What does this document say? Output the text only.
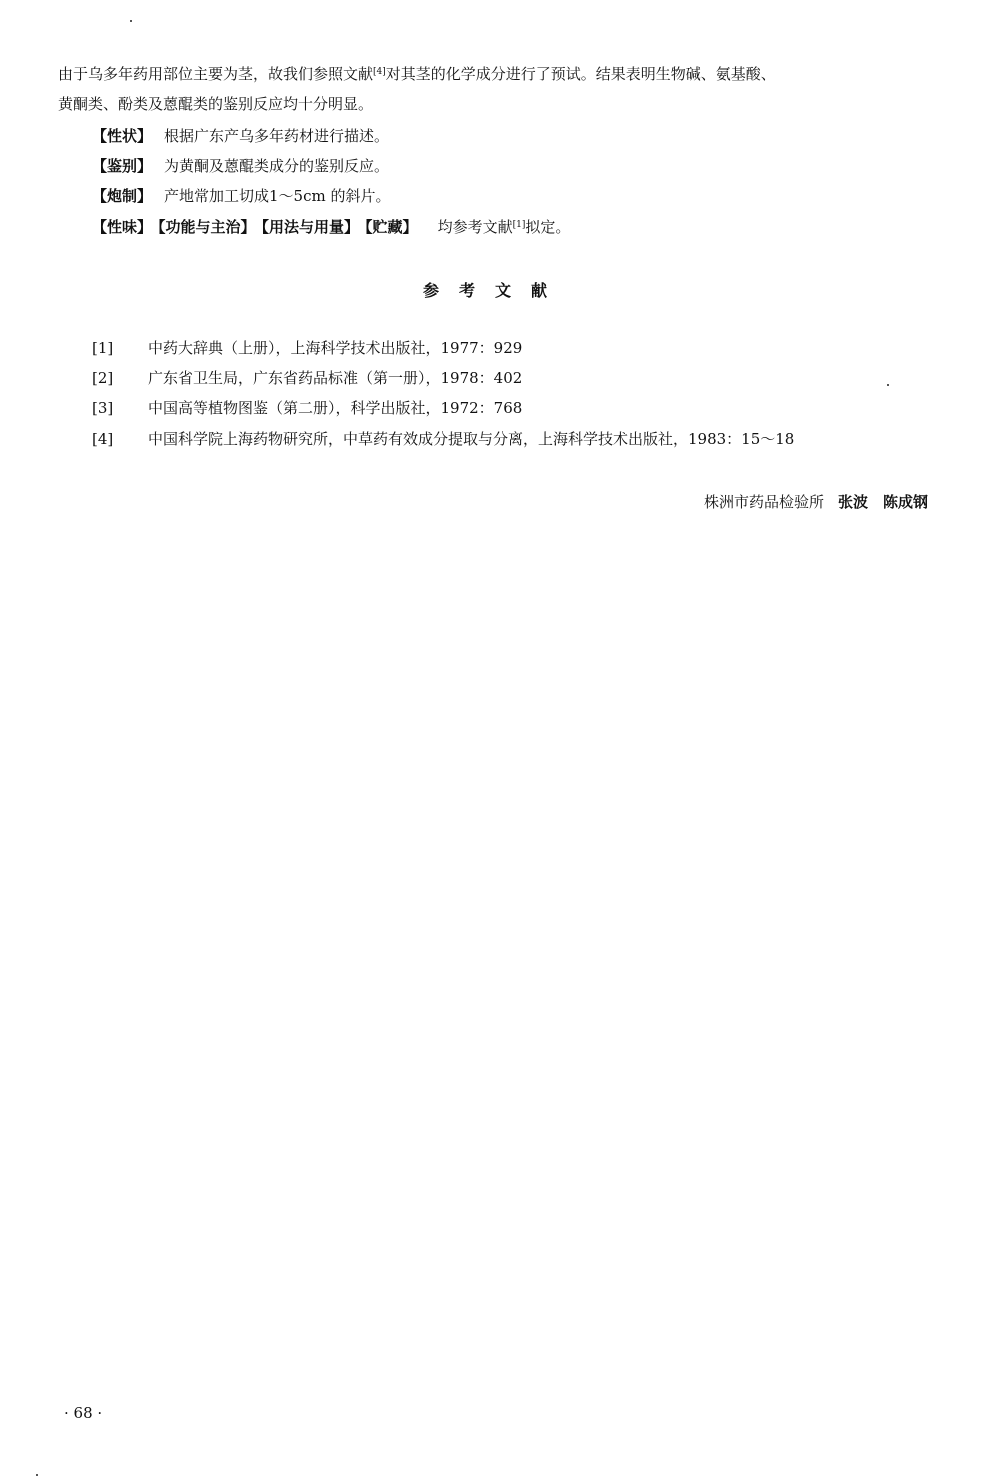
由于乌多年药用部位主要为茎，故我们参照文献[4]对其茎的化学成分进行了预试。结果表明生物碱、氨基酸、
黄酮类、酚类及蒽醌类的鉴别反应均十分明显。
【性状】 根据广东产乌多年药材进行描述。
【鉴别】 为黄酮及蒽醌类成分的鉴别反应。
【炮制】 产地常加工切成1～5cm 的斜片。
【性味】 【功能与主治】 【用法与用量】 【贮藏】 均参考文献[1]拟定。
参考文献
[1] 中药大辞典（上册），上海科学技术出版社，1977：929
[2] 广东省卫生局，广东省药品标准（第一册），1978：402
[3] 中国高等植物图鉴（第二册），科学出版社，1972：768
[4] 中国科学院上海药物研究所，中草药有效成分提取与分离，上海科学技术出版社，1983：15～18
株洲市药品检验所 张波　陈成钢
· 68 ·
